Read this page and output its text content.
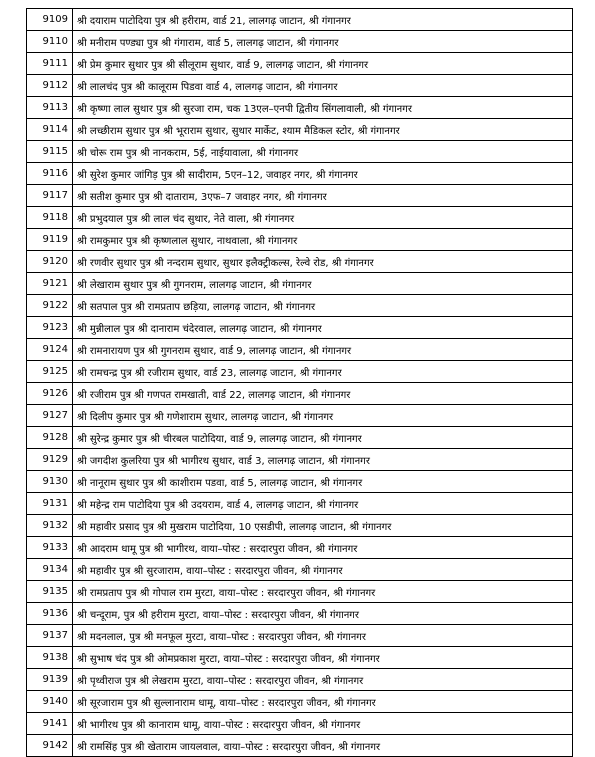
9109	श्री दयाराम पाटोदिया पुत्र श्री हरीराम, वार्ड 21, लालगढ़ जाटान, श्री गंगानगर
9110	श्री मनीराम पण्ड्या पुत्र श्री गंगाराम, वार्ड 5, लालगढ़ जाटान, श्री गंगानगर
9111	श्री प्रेम कुमार सुथार पुत्र श्री सीलूराम सुथार, वार्ड 9, लालगढ़ जाटान, श्री गंगानगर
9112	श्री लालचंद पुत्र श्री कालूराम पिडवा वार्ड 4, लालगढ़ जाटान, श्री गंगानगर
9113	श्री कृष्णा लाल सुथार पुत्र श्री सुरजा राम, चक 13एल–एनपी द्वितीय सिंगलावाली, श्री गंगानगर
9114	श्री लच्छीराम सुथार पुत्र श्री भूराराम सुथार, सुथार मार्केट, श्याम मैडिकल स्टोर, श्री गंगानगर
9115	श्री चोरू राम पुत्र श्री नानकराम, 5ई, नाईयावाला, श्री गंगानगर
9116	श्री सुरेश कुमार जांगिड़ पुत्र श्री सादीराम, 5एन–12, जवाहर नगर, श्री गंगानगर
9117	श्री सतीश कुमार पुत्र श्री दाताराम, 3एफ–7 जवाहर नगर, श्री गंगानगर
9118	श्री प्रभुदयाल पुत्र श्री लाल चंद सुथार, नेते वाला, श्री गंगानगर
9119	श्री रामकुमार पुत्र श्री कृष्णलाल सुथार, नाथवाला, श्री गंगानगर
9120	श्री रणवीर सुथार पुत्र श्री नन्दराम सुथार, सुथार इलैक्ट्रीकल्स, रेल्वे रोड, श्री गंगानगर
9121	श्री लेखाराम सुथार पुत्र श्री गुगनराम, लालगढ़ जाटान, श्री गंगानगर
9122	श्री सतपाल पुत्र श्री रामप्रताप छड़िया, लालगढ़ जाटान, श्री गंगानगर
9123	श्री मुन्नीलाल पुत्र श्री दानाराम चंदेरवाल, लालगढ़ जाटान, श्री गंगानगर
9124	श्री रामनारायण पुत्र श्री गुगनराम सुथार, वार्ड 9, लालगढ़ जाटान, श्री गंगानगर
9125	श्री रामचन्द्र पुत्र श्री रजीराम सुथार, वार्ड 23, लालगढ़ जाटान, श्री गंगानगर
9126	श्री रजीराम पुत्र श्री गणपत रामखाती, वार्ड 22, लालगढ़ जाटान, श्री गंगानगर
9127	श्री दिलीप कुमार पुत्र श्री गणेशाराम सुथार, लालगढ़ जाटान, श्री गंगानगर
9128	श्री सुरेन्द्र कुमार पुत्र श्री चीरबल पाटोदिया, वार्ड 9, लालगढ़ जाटान, श्री गंगानगर
9129	श्री जगदीश कुलरिया पुत्र श्री भागीरथ सुथार, वार्ड 3, लालगढ़ जाटान, श्री गंगानगर
9130	श्री नानूराम सुथार पुत्र श्री काशीराम पडवा, वार्ड 5, लालगढ़ जाटान, श्री गंगानगर
9131	श्री महेन्द्र राम पाटोदिया पुत्र श्री उदयराम, वार्ड 4, लालगढ़ जाटान, श्री गंगानगर
9132	श्री महावीर प्रसाद पुत्र श्री मुखराम पाटोदिया, 10 एसडीपी, लालगढ़ जाटान, श्री गंगानगर
9133	श्री आदराम धामू पुत्र श्री भागीरथ, वाया–पोस्ट : सरदारपुरा जीवन, श्री गंगानगर
9134	श्री महावीर पुत्र श्री सुरजाराम, वाया–पोस्ट : सरदारपुरा जीवन, श्री गंगानगर
9135	श्री रामप्रताप पुत्र श्री गोपाल राम मुरटा, वाया–पोस्ट : सरदारपुरा जीवन, श्री गंगानगर
9136	श्री चन्दूराम, पुत्र श्री हरीराम मुरटा, वाया–पोस्ट : सरदारपुरा जीवन, श्री गंगानगर
9137	श्री मदनलाल, पुत्र श्री मनफूल मुरटा, वाया–पोस्ट : सरदारपुरा जीवन, श्री गंगानगर
9138	श्री सुभाष चंद पुत्र श्री ओमप्रकाश मुरटा, वाया–पोस्ट : सरदारपुरा जीवन, श्री गंगानगर
9139	श्री पृथ्वीराज पुत्र श्री लेखराम मुरटा, वाया–पोस्ट : सरदारपुरा जीवन, श्री गंगानगर
9140	श्री सूरजाराम पुत्र श्री सुल्लानाराम धामू, वाया–पोस्ट : सरदारपुरा जीवन, श्री गंगानगर
9141	श्री भागीरथ पुत्र श्री कानाराम धामू, वाया–पोस्ट : सरदारपुरा जीवन, श्री गंगानगर
9142	श्री रामसिंह पुत्र श्री खेताराम जायलवाल, वाया–पोस्ट : सरदारपुरा जीवन, श्री गंगानगर
